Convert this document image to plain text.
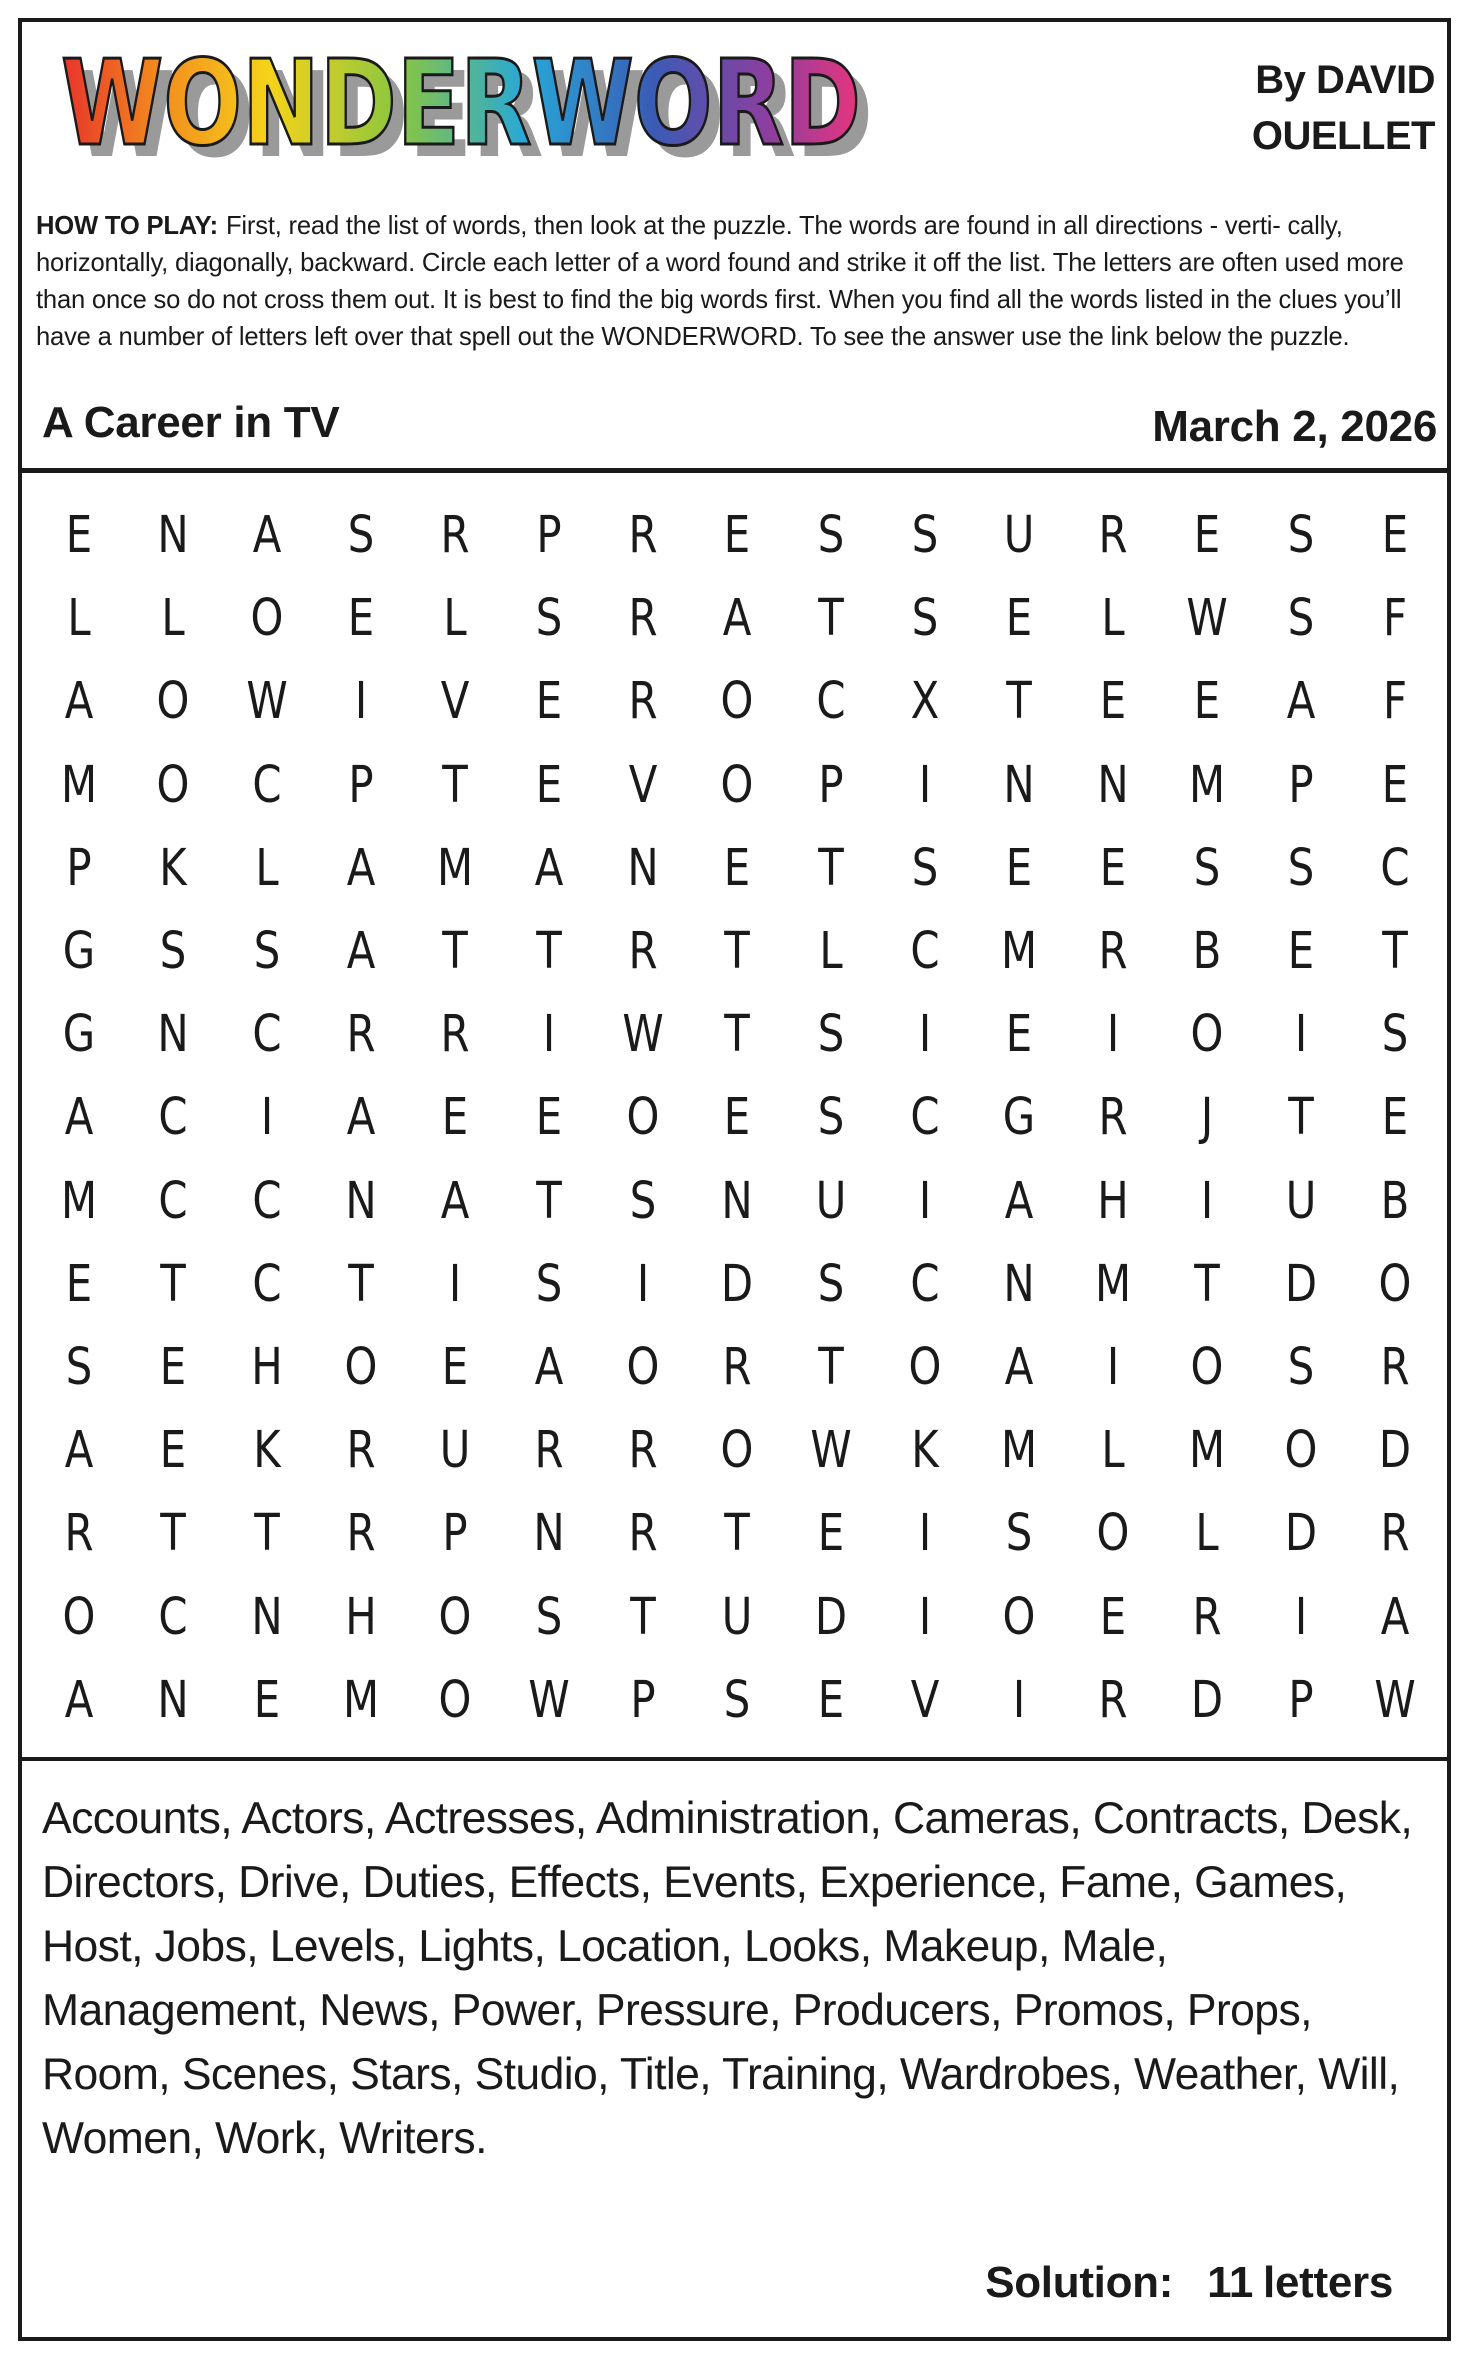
WONDERWORD
WONDERWORD	By DAVID
OUELLET
HOW TO PLAY: First, read the list of words, then look at the puzzle. The words are found in all directions - verti- cally, horizontally, diagonally, backward. Circle each letter of a word found and strike it off the list. The letters are often used more than once so do not cross them out. It is best to find the big words first. When you find all the words listed in the clues you’ll have a number of letters left over that spell out the WONDERWORD. To see the answer use the link below the puzzle.
A Career in TV	March 2, 2026
E	N	A	S	R	P	R	E	S	S	U	R	E	S	E
L	L	O	E	L	S	R	A	T	S	E	L	W	S	F
A	O	W	I	V	E	R	O	C	X	T	E	E	A	F
M	O	C	P	T	E	V	O	P	I	N	N	M	P	E
P	K	L	A	M	A	N	E	T	S	E	E	S	S	C
G	S	S	A	T	T	R	T	L	C	M	R	B	E	T
G	N	C	R	R	I	W	T	S	I	E	I	O	I	S
A	C	I	A	E	E	O	E	S	C	G	R	J	T	E
M	C	C	N	A	T	S	N	U	I	A	H	I	U	B
E	T	C	T	I	S	I	D	S	C	N	M	T	D	O
S	E	H	O	E	A	O	R	T	O	A	I	O	S	R
A	E	K	R	U	R	R	O	W	K	M	L	M	O	D
R	T	T	R	P	N	R	T	E	I	S	O	L	D	R
O	C	N	H	O	S	T	U	D	I	O	E	R	I	A
A	N	E	M	O	W	P	S	E	V	I	R	D	P	W
Accounts, Actors, Actresses, Administration, Cameras, Contracts, Desk, Directors, Drive, Duties, Effects, Events, Experience, Fame, Games, Host, Jobs, Levels, Lights, Location, Looks, Makeup, Male, Management, News, Power, Pressure, Producers, Promos, Props, Room, Scenes, Stars, Studio, Title, Training, Wardrobes, Weather, Will, Women, Work, Writers.
Solution: 11 letters
